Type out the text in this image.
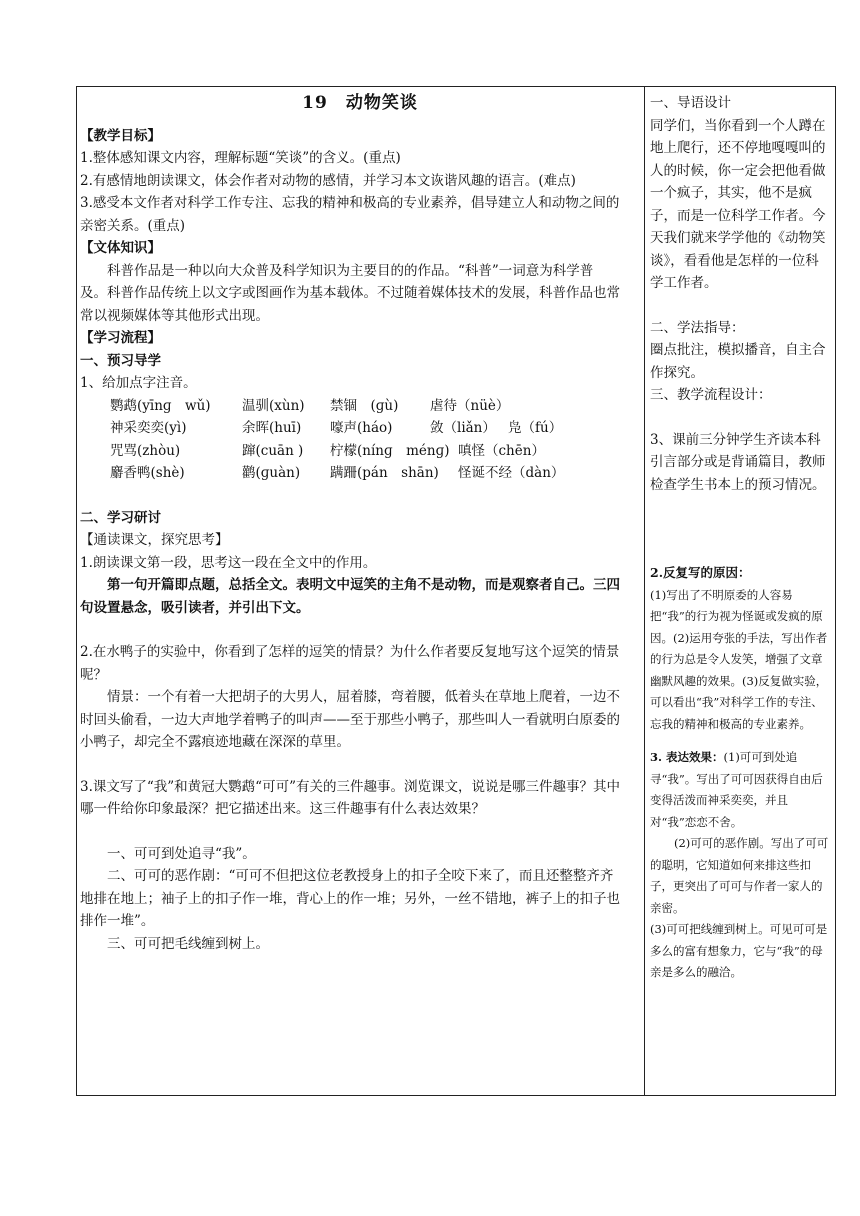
19　动物笑谈

【教学目标】

1.整体感知课文内容，理解标题“笑谈”的含义。(重点)

2.有感情地朗读课文，体会作者对动物的感情，并学习本文诙谐风趣的语言。(难点)

3.感受本文作者对科学工作专注、忘我的精神和极高的专业素养，倡导建立人和动物之间的亲密关系。(重点)

【文体知识】

科普作品是一种以向大众普及科学知识为主要目的的作品。“科普”一词意为科学普及。科普作品传统上以文字或图画作为基本载体。不过随着媒体技术的发展，科普作品也常常以视频媒体等其他形式出现。

【学习流程】

一、预习导学

1、给加点字注音。

鹦鹉(yīnɡ　wǔ)	温驯(xùn)	禁锢　(ɡù)	虐待（nüè）
神采奕奕(yì)	余晖(huī)	嚎声(háo)	敛（liǎn） 凫（fú）
咒骂(zhòu)	蹿(cuān )	柠檬(nínɡ　ménɡ) 嗔怪（chēn）
麝香鸭(shè)	鹳(ɡuàn)	蹒跚(pán　shān)	怪诞不经（dàn）

二、学习研讨

【通读课文，探究思考】

1.朗读课文第一段，思考这一段在全文中的作用。

第一句开篇即点题，总括全文。表明文中逗笑的主角不是动物，而是观察者自己。三四句设置悬念，吸引读者，并引出下文。

2.在水鸭子的实验中，你看到了怎样的逗笑的情景？为什么作者要反复地写这个逗笑的情景呢？

情景：一个有着一大把胡子的大男人，屈着膝，弯着腰，低着头在草地上爬着，一边不时回头偷看，一边大声地学着鸭子的叫声——至于那些小鸭子，那些叫人一看就明白原委的小鸭子，却完全不露痕迹地藏在深深的草里。

3.课文写了“我”和黄冠大鹦鹉“可可”有关的三件趣事。浏览课文，说说是哪三件趣事？其中哪一件给你印象最深？把它描述出来。这三件趣事有什么表达效果？

一、可可到处追寻“我”。

二、可可的恶作剧：“可可不但把这位老教授身上的扣子全咬下来了，而且还整整齐齐地排在地上；袖子上的扣子作一堆，背心上的作一堆；另外，一丝不错地，裤子上的扣子也排作一堆”。

三、可可把毛线缠到树上。

一、导语设计

同学们，当你看到一个人蹲在地上爬行，还不停地嘎嘎叫的人的时候，你一定会把他看做一个疯子，其实，他不是疯子，而是一位科学工作者。今天我们就来学学他的《动物笑谈》，看看他是怎样的一位科学工作者。

二、学法指导：

圈点批注，模拟播音，自主合作探究。

三、教学流程设计：

3、课前三分钟学生齐读本科引言部分或是背诵篇目，教师检查学生书本上的预习情况。

2.反复写的原因：

(1)写出了不明原委的人容易把“我”的行为视为怪诞或发疯的原因。(2)运用夸张的手法，写出作者的行为总是令人发笑，增强了文章幽默风趣的效果。(3)反复做实验，可以看出“我”对科学工作的专注、忘我的精神和极高的专业素养。

3. 表达效果：(1)可可到处追寻“我”。写出了可可因获得自由后变得活泼而神采奕奕，并且对“我”恋恋不舍。

(2)可可的恶作剧。写出了可可的聪明，它知道如何来排这些扣子，更突出了可可与作者一家人的亲密。

(3)可可把线缠到树上。可见可可是多么的富有想象力，它与“我”的母亲是多么的融洽。
